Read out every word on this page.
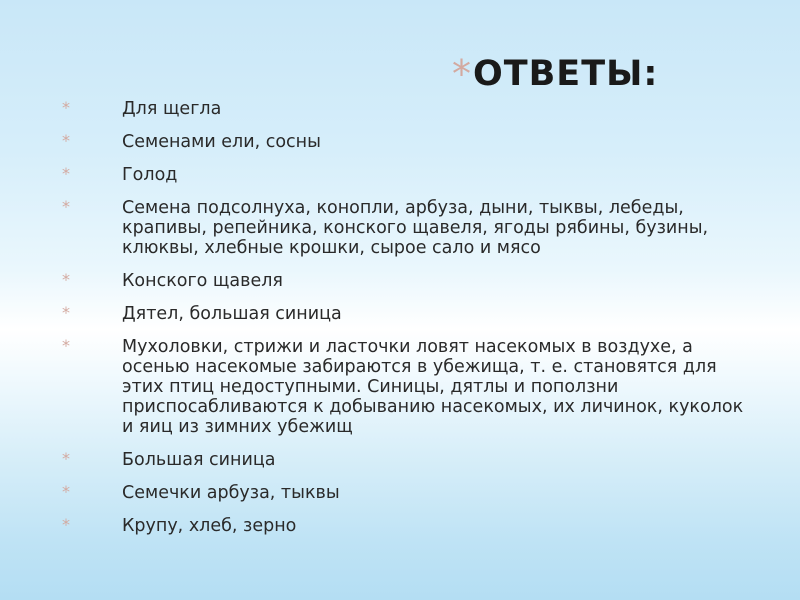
* ОТВЕТЫ:
*	Для щегла
*	Семенами ели, сосны
*	Голод
*	Семена подсолнуха, конопли, арбуза, дыни, тыквы, лебеды, крапивы, репейника, конского щавеля, ягоды рябины, бузины, клюквы, хлебные крошки, сырое сало и мясо
*	Конского щавеля
*	Дятел, большая синица
*	Мухоловки, стрижи и ласточки ловят насекомых в воздухе, а осенью насекомые забираются в убежища, т. е. становятся для этих птиц недоступными. Синицы, дятлы и поползни приспосабливаются к добыванию насекомых, их личинок, куколок и яиц из зимних убежищ
*	Большая синица
*	Семечки арбуза, тыквы
*	Крупу, хлеб, зерно
